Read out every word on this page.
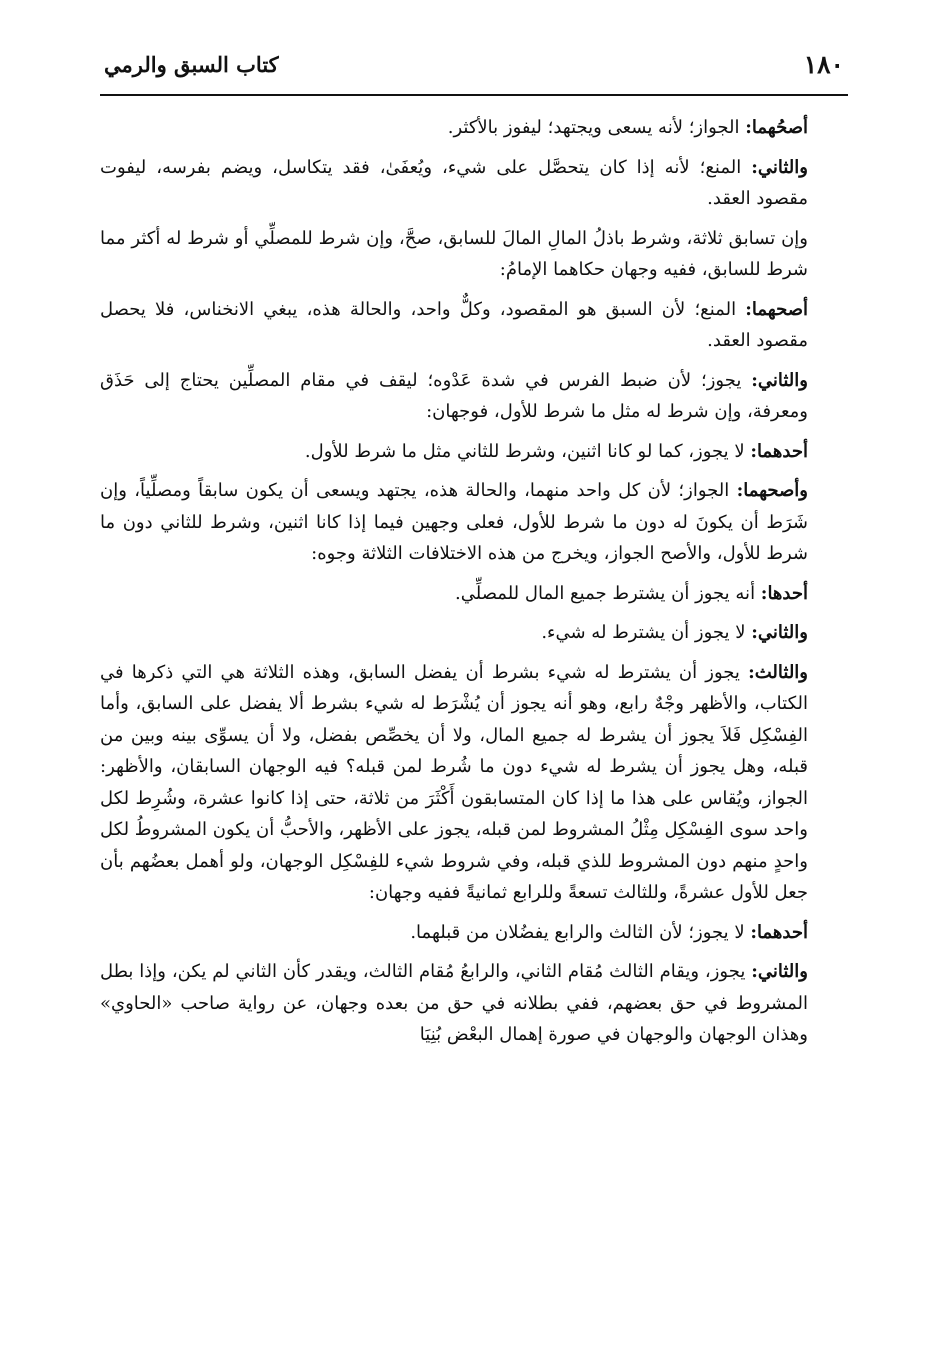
١٨٠
كتاب السبق والرمي

أصحُهما: الجواز؛ لأنه يسعى ويجتهد؛ ليفوز بالأكثر.

والثاني: المنع؛ لأنه إذا كان يتحصَّل على شيء، ويُعفَىٰ، فقد يتكاسل، ويضم بفرسه، ليفوت مقصود العقد.

وإن تسابق ثلاثة، وشرط باذلُ المالِ المالَ للسابق، صحَّ، وإن شرط للمصلِّي أو شرط له أكثر مما شرط للسابق، ففيه وجهان حكاهما الإمامُ:

أصحهما: المنع؛ لأن السبق هو المقصود، وكلٌّ واحد، والحالة هذه، يبغي الانخناس، فلا يحصل مقصود العقد.

والثاني: يجوز؛ لأن ضبط الفرس في شدة عَدْوه؛ ليقف في مقام المصلِّين يحتاج إلى حَذَق ومعرفة، وإن شرط له مثل ما شرط للأول، فوجهان:

أحدهما: لا يجوز، كما لو كانا اثنين، وشرط للثاني مثل ما شرط للأول.

وأصحهما: الجواز؛ لأن كل واحد منهما، والحالة هذه، يجتهد ويسعى أن يكون سابقاً ومصلِّياً، وإن شَرَط أن يكونَ له دون ما شرط للأول، فعلى وجهين فيما إذا كانا اثنين، وشرط للثاني دون ما شرط للأول، والأصح الجواز، ويخرج من هذه الاختلافات الثلاثة وجوه:

أحدها: أنه يجوز أن يشترط جميع المال للمصلِّي.

والثاني: لا يجوز أن يشترط له شيء.

والثالث: يجوز أن يشترط له شيء بشرط أن يفضل السابق، وهذه الثلاثة هي التي ذكرها في الكتاب، والأظهر وجْهٌ رابع، وهو أنه يجوز أن يُشْرَط له شيء بشرط ألا يفضل على السابق، وأما الفِسْكِل فَلاَ يجوز أن يشرط له جميع المال، ولا أن يخصِّص بفضل، ولا أن يسوِّى بينه وبين من قبله، وهل يجوز أن يشرط له شيء دون ما شُرط لمن قبله؟ فيه الوجهان السابقان، والأظهر: الجواز، ويُقاس على هذا ما إذا كان المتسابقون أَكْثَرَ من ثلاثة، حتى إذا كانوا عشرة، وشُرِط لكل واحد سوى الفِسْكِل مِثْلُ المشروط لمن قبله، يجوز على الأظهر، والأحبُّ أن يكون المشروطُ لكل واحدٍ منهم دون المشروط للذي قبله، وفي شروط شيء للفِسْكِل الوجهان، ولو أهمل بعضُهم بأن جعل للأول عشرةً، وللثالث تسعةً وللرابع ثمانيةً ففيه وجهان:

أحدهما: لا يجوز؛ لأن الثالث والرابع يفضُلان من قبلهما.

والثاني: يجوز، ويقام الثالث مُقام الثاني، والرابعُ مُقام الثالث، ويقدر كأن الثاني لم يكن، وإذا بطل المشروط في حق بعضهم، ففي بطلانه في حق من بعده وجهان، عن رواية صاحب «الحاوي» وهذان الوجهان والوجهان في صورة إهمال البعْض بُنِيَا
